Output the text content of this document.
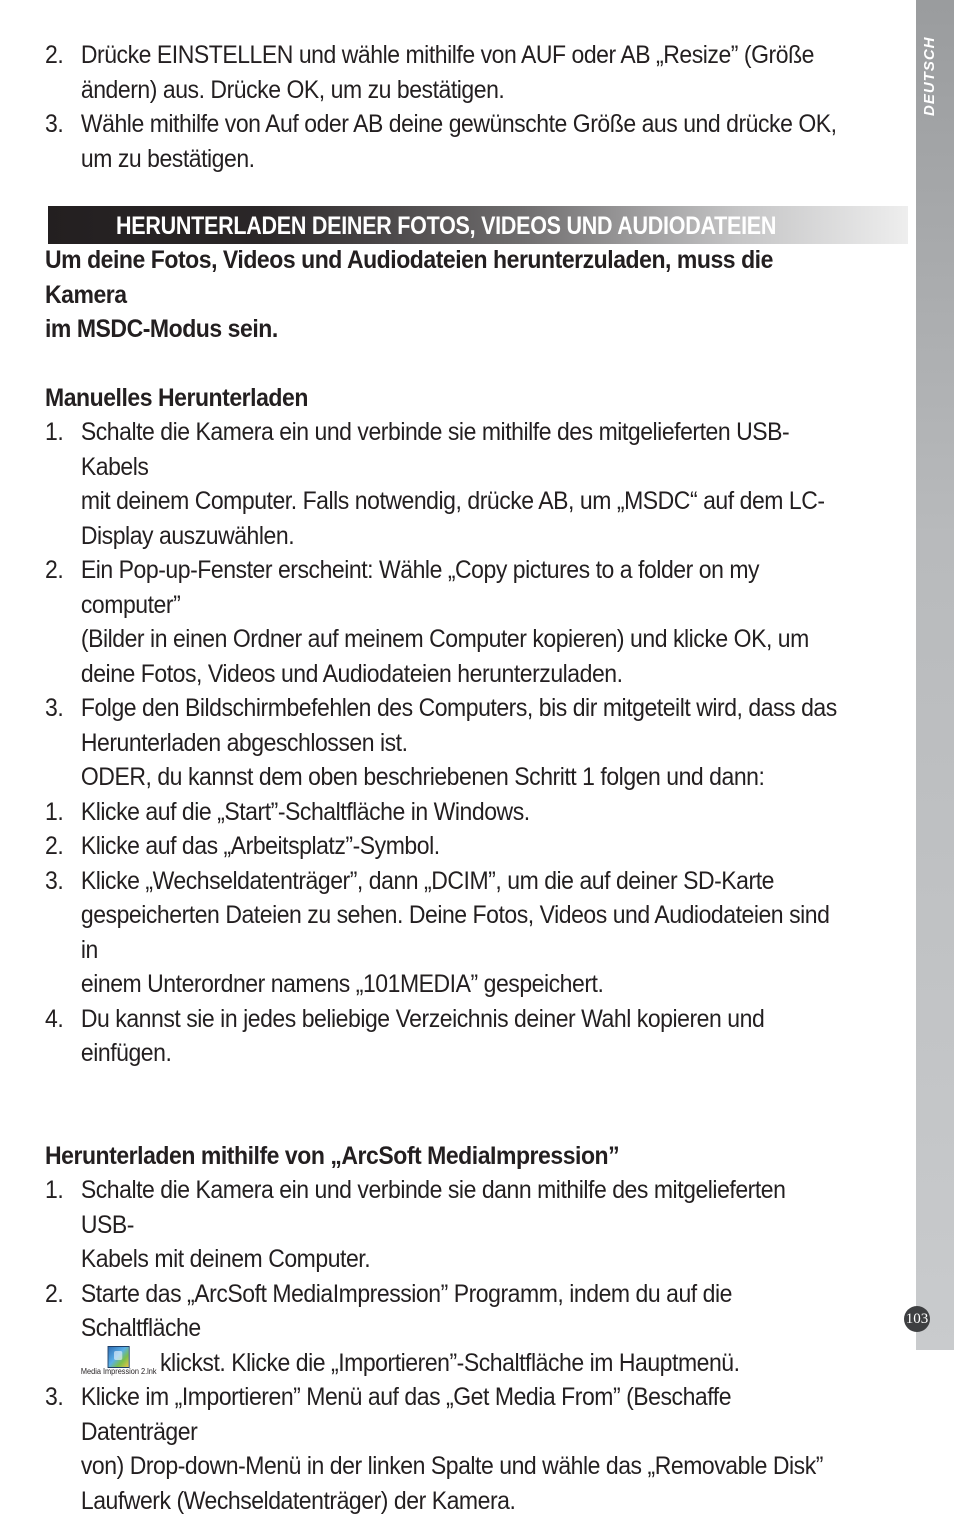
DEUTSCH
HERUNTERLADEN DEINER FOTOS, VIDEOS UND AUDIODATEIEN
2. Drücke EINSTELLEN und wähle mithilfe von AUF oder AB „Resize” (Größe

ändern) aus. Drücke OK, um zu bestätigen.

3. Wähle mithilfe von Auf oder AB deine gewünschte Größe aus und drücke OK,

um zu bestätigen.

Um deine Fotos, Videos und Audiodateien herunterzuladen, muss die Kamera

im MSDC-Modus sein.

Manuelles Herunterladen

1. Schalte die Kamera ein und verbinde sie mithilfe des mitgelieferten USB-Kabels

mit deinem Computer. Falls notwendig, drücke AB, um „MSDC“ auf dem LC-

Display auszuwählen.

2. Ein Pop-up-Fenster erscheint: Wähle „Copy pictures to a folder on my computer”

(Bilder in einen Ordner auf meinem Computer kopieren) und klicke OK, um

deine Fotos, Videos und Audiodateien herunterzuladen.

3. Folge den Bildschirmbefehlen des Computers, bis dir mitgeteilt wird, dass das

Herunterladen abgeschlossen ist.

ODER, du kannst dem oben beschriebenen Schritt 1 folgen und dann:

1. Klicke auf die „Start”-Schaltfläche in Windows.

2. Klicke auf das „Arbeitsplatz”-Symbol.

3. Klicke „Wechseldatenträger”, dann „DCIM”, um die auf deiner SD-Karte

gespeicherten Dateien zu sehen. Deine Fotos, Videos und Audiodateien sind in

einem Unterordner namens „101MEDIA” gespeichert.

4. Du kannst sie in jedes beliebige Verzeichnis deiner Wahl kopieren und einfügen.

Herunterladen mithilfe von „ArcSoft MediaImpression”

1. Schalte die Kamera ein und verbinde sie dann mithilfe des mitgelieferten USB-

Kabels mit deinem Computer.

2. Starte das „ArcSoft MediaImpression” Programm, indem du auf die Schaltfläche

Media Impression 2.lnk klickst. Klicke die „Importieren”-Schaltfläche im Hauptmenü.

3. Klicke im „Importieren” Menü auf das „Get Media From” (Beschaffe Datenträger

von) Drop-down-Menü in der linken Spalte und wähle das „Removable Disk”

Laufwerk (Wechseldatenträger) der Kamera.

103
